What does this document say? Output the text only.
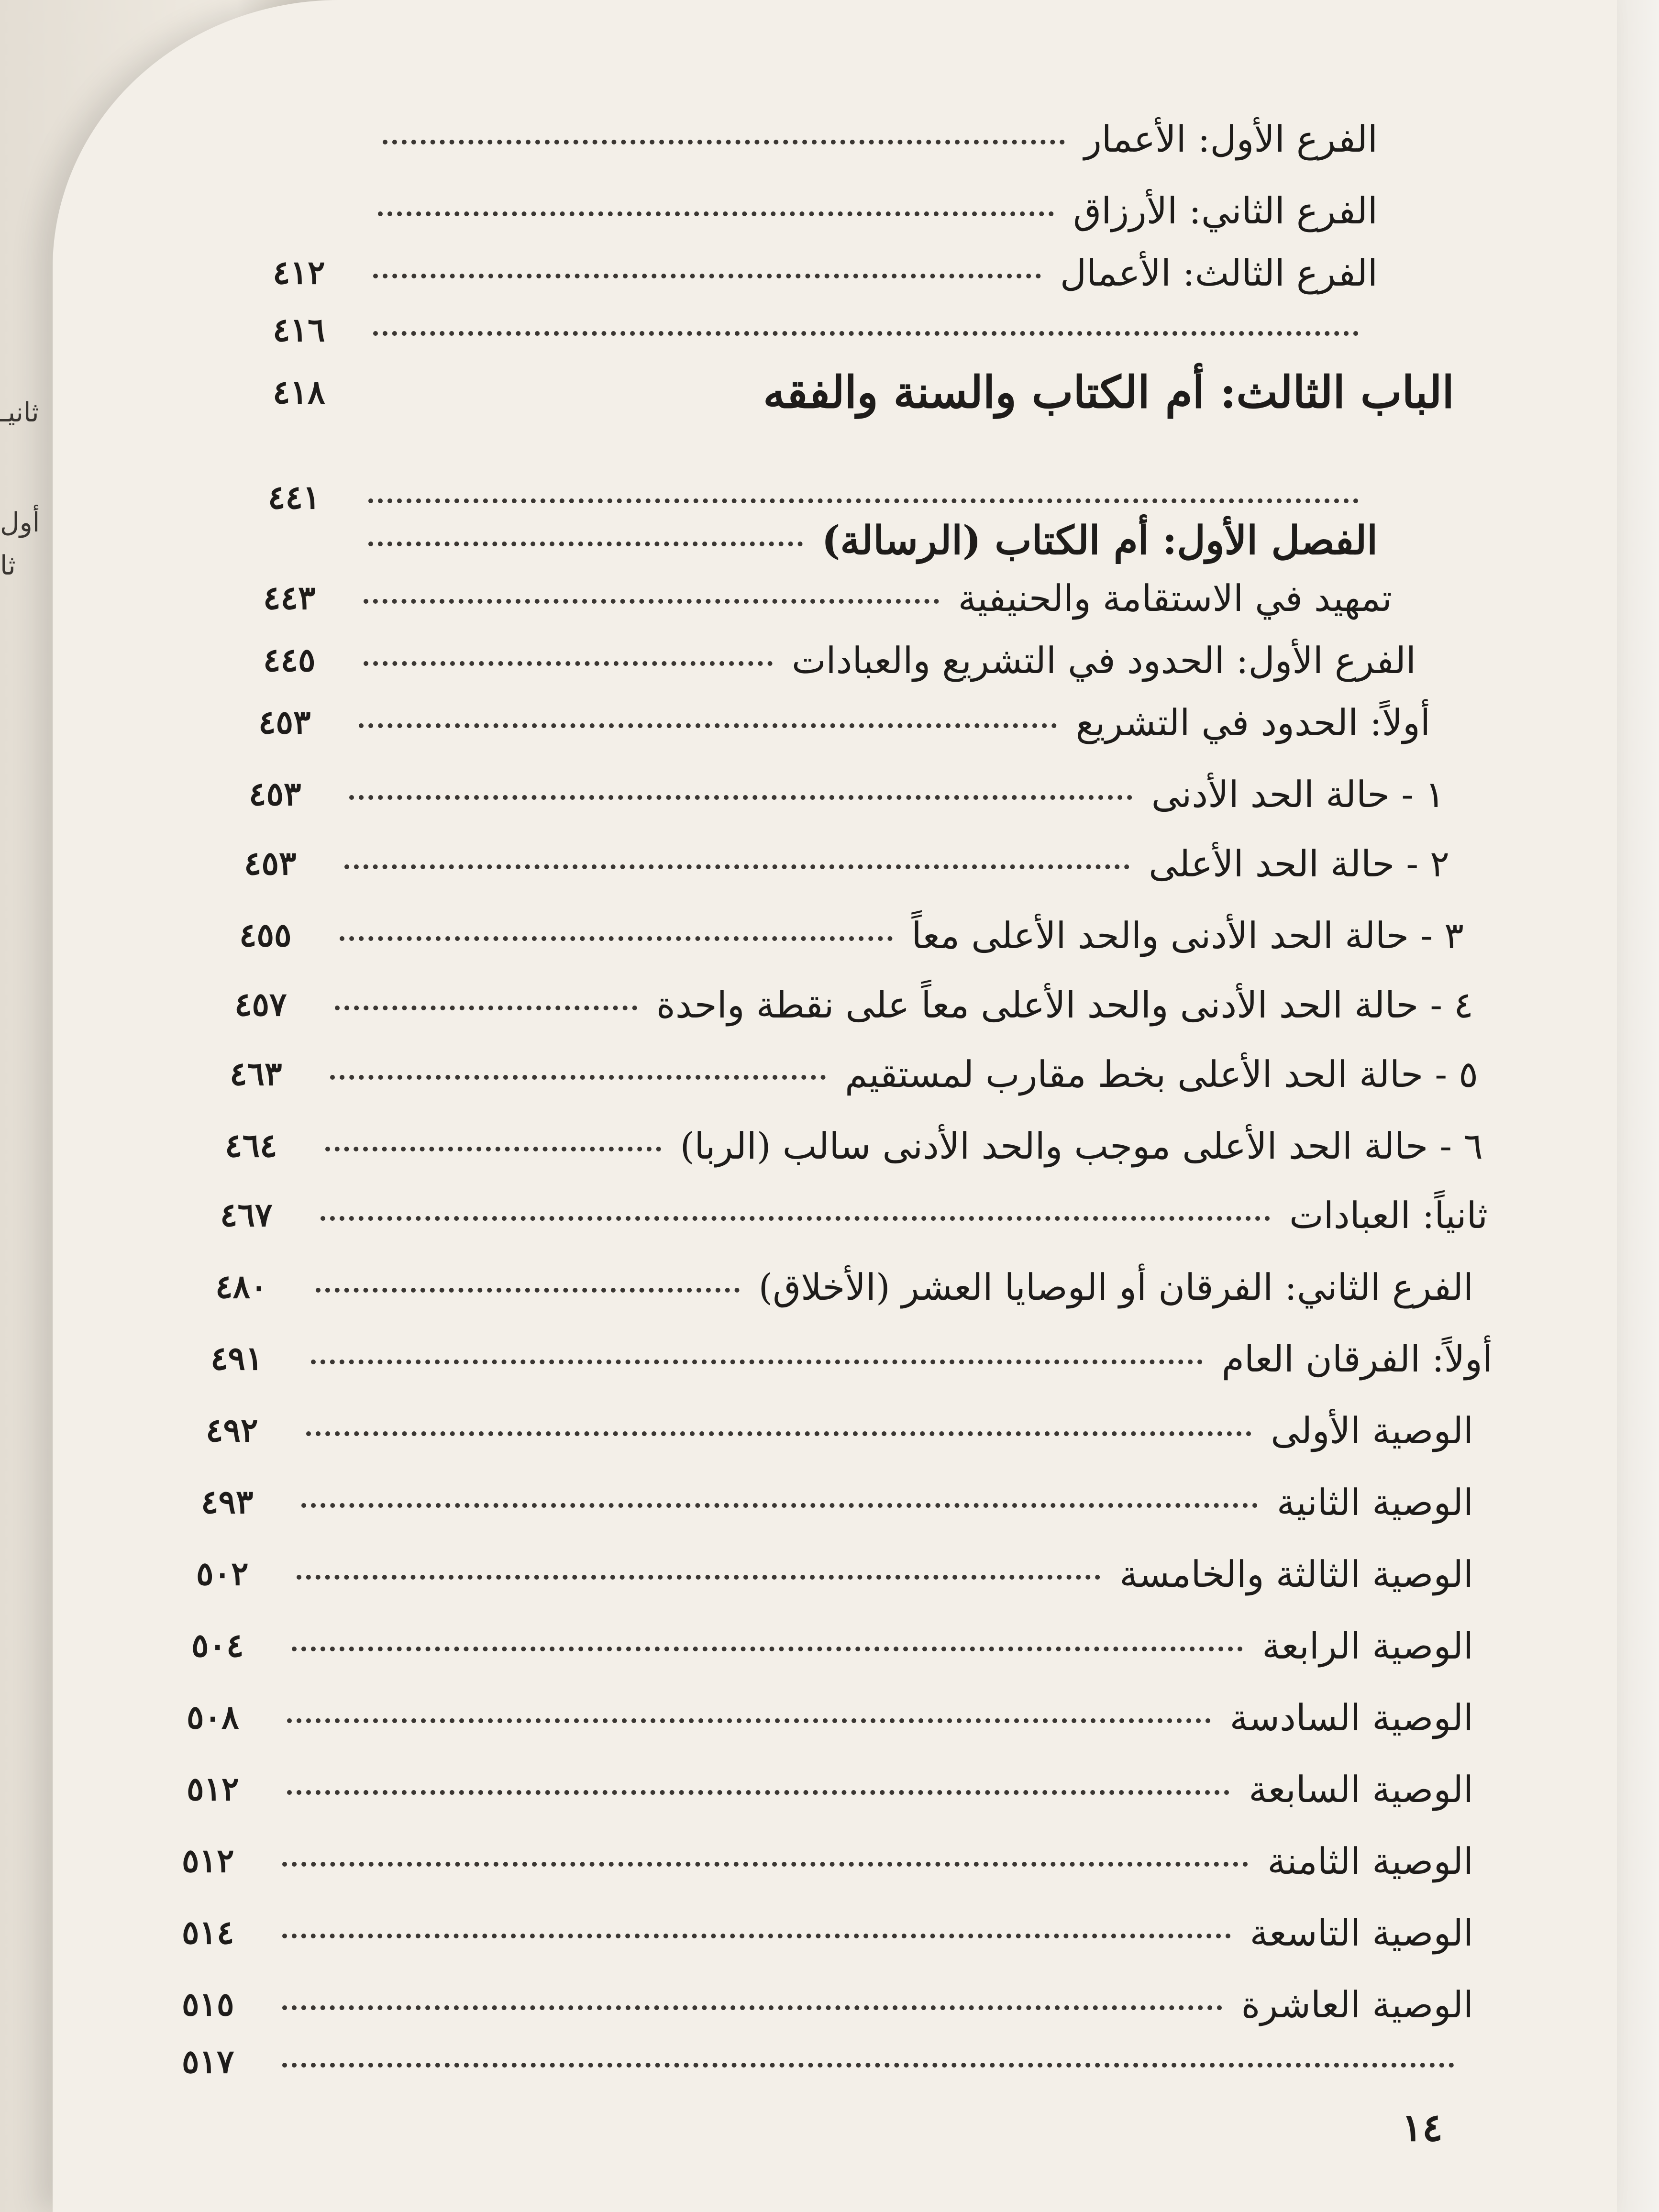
ثانيـ
أول
ثا
الفرع الأول: الأعمار
الفرع الثاني: الأرزاق
الفرع الثالث: الأعمال
٤١٢
٤١٦
الباب الثالث: أم الكتاب والسنة والفقه
٤١٨
٤٤١
الفصل الأول: أم الكتاب (الرسالة)
تمهيد في الاستقامة والحنيفية
٤٤٣
الفرع الأول: الحدود في التشريع والعبادات
٤٤٥
أولاً: الحدود في التشريع
٤٥٣
١ - حالة الحد الأدنى
٤٥٣
٢ - حالة الحد الأعلى
٤٥٣
٣ - حالة الحد الأدنى والحد الأعلى معاً
٤٥٥
٤ - حالة الحد الأدنى والحد الأعلى معاً على نقطة واحدة
٤٥٧
٥ - حالة الحد الأعلى بخط مقارب لمستقيم
٤٦٣
٦ - حالة الحد الأعلى موجب والحد الأدنى سالب (الربا)
٤٦٤
ثانياً: العبادات
٤٦٧
الفرع الثاني: الفرقان أو الوصايا العشر (الأخلاق)
٤٨٠
أولاً: الفرقان العام
٤٩١
الوصية الأولى
٤٩٢
الوصية الثانية
٤٩٣
الوصية الثالثة والخامسة
٥٠٢
الوصية الرابعة
٥٠٤
الوصية السادسة
٥٠٨
الوصية السابعة
٥١٢
الوصية الثامنة
٥١٢
الوصية التاسعة
٥١٤
الوصية العاشرة
٥١٥
٥١٧
١٤
